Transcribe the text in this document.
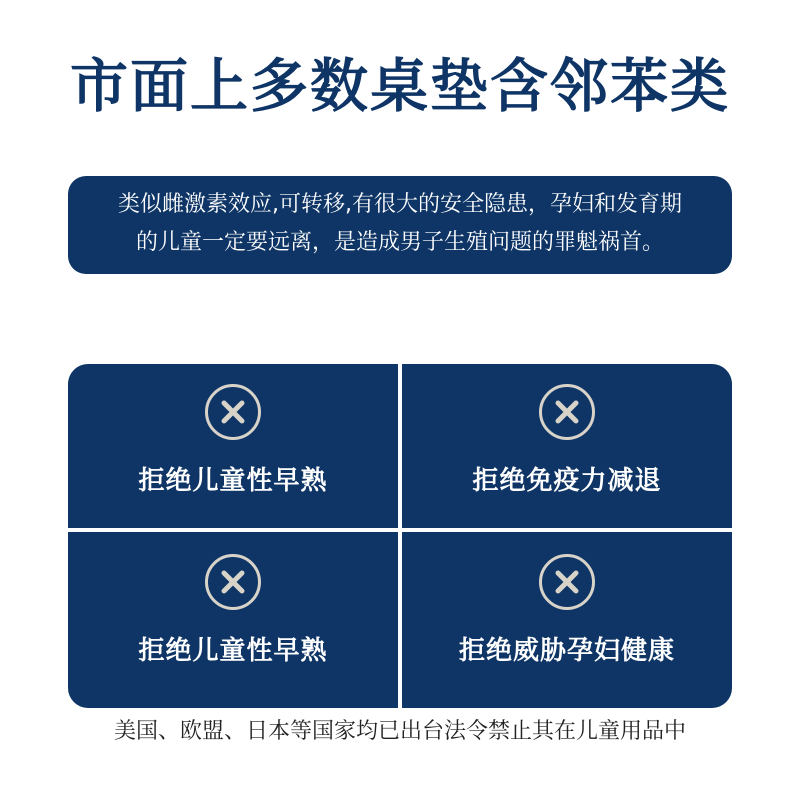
市面上多数桌垫含邻苯类
类似雌激素效应,可转移,有很大的安全隐患，孕妇和发育期
的儿童一定要远离，是造成男子生殖问题的罪魁祸首。
拒绝儿童性早熟	拒绝免疫力减退
拒绝儿童性早熟	拒绝威胁孕妇健康
美国、欧盟、日本等国家均已出台法令禁止其在儿童用品中
